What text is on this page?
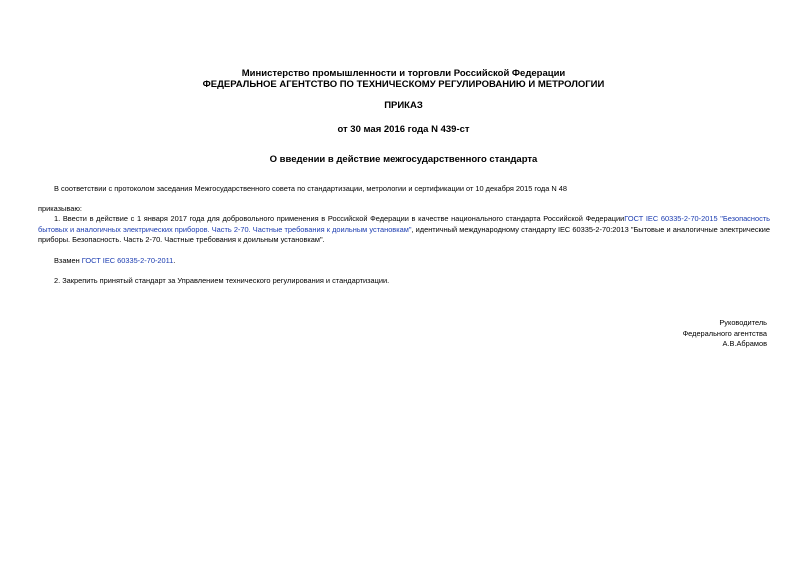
Министерство промышленности и торговли Российской Федерации
ФЕДЕРАЛЬНОЕ АГЕНТСТВО ПО ТЕХНИЧЕСКОМУ РЕГУЛИРОВАНИЮ И МЕТРОЛОГИИ
ПРИКАЗ
от 30 мая 2016 года N 439-ст
О введении в действие межгосударственного стандарта
В соответствии с протоколом заседания Межгосударственного совета по стандартизации, метрологии и сертификации от 10 декабря 2015 года N 48
приказываю:
1. Ввести в действие с 1 января 2017 года для добровольного применения в Российской Федерации в качестве национального стандарта Российской ФедерацииГОСТ IEC 60335-2-70-2015 "Безопасность бытовых и аналогичных электрических приборов. Часть 2-70. Частные требования к доильным установкам", идентичный международному стандарту IEC 60335-2-70:2013 "Бытовые и аналогичные электрические приборы. Безопасность. Часть 2-70. Частные требования к доильным установкам".
Взамен ГОСТ IEC 60335-2-70-2011.
2. Закрепить принятый стандарт за Управлением технического регулирования и стандартизации.
Руководитель
Федерального агентства
А.В.Абрамов
